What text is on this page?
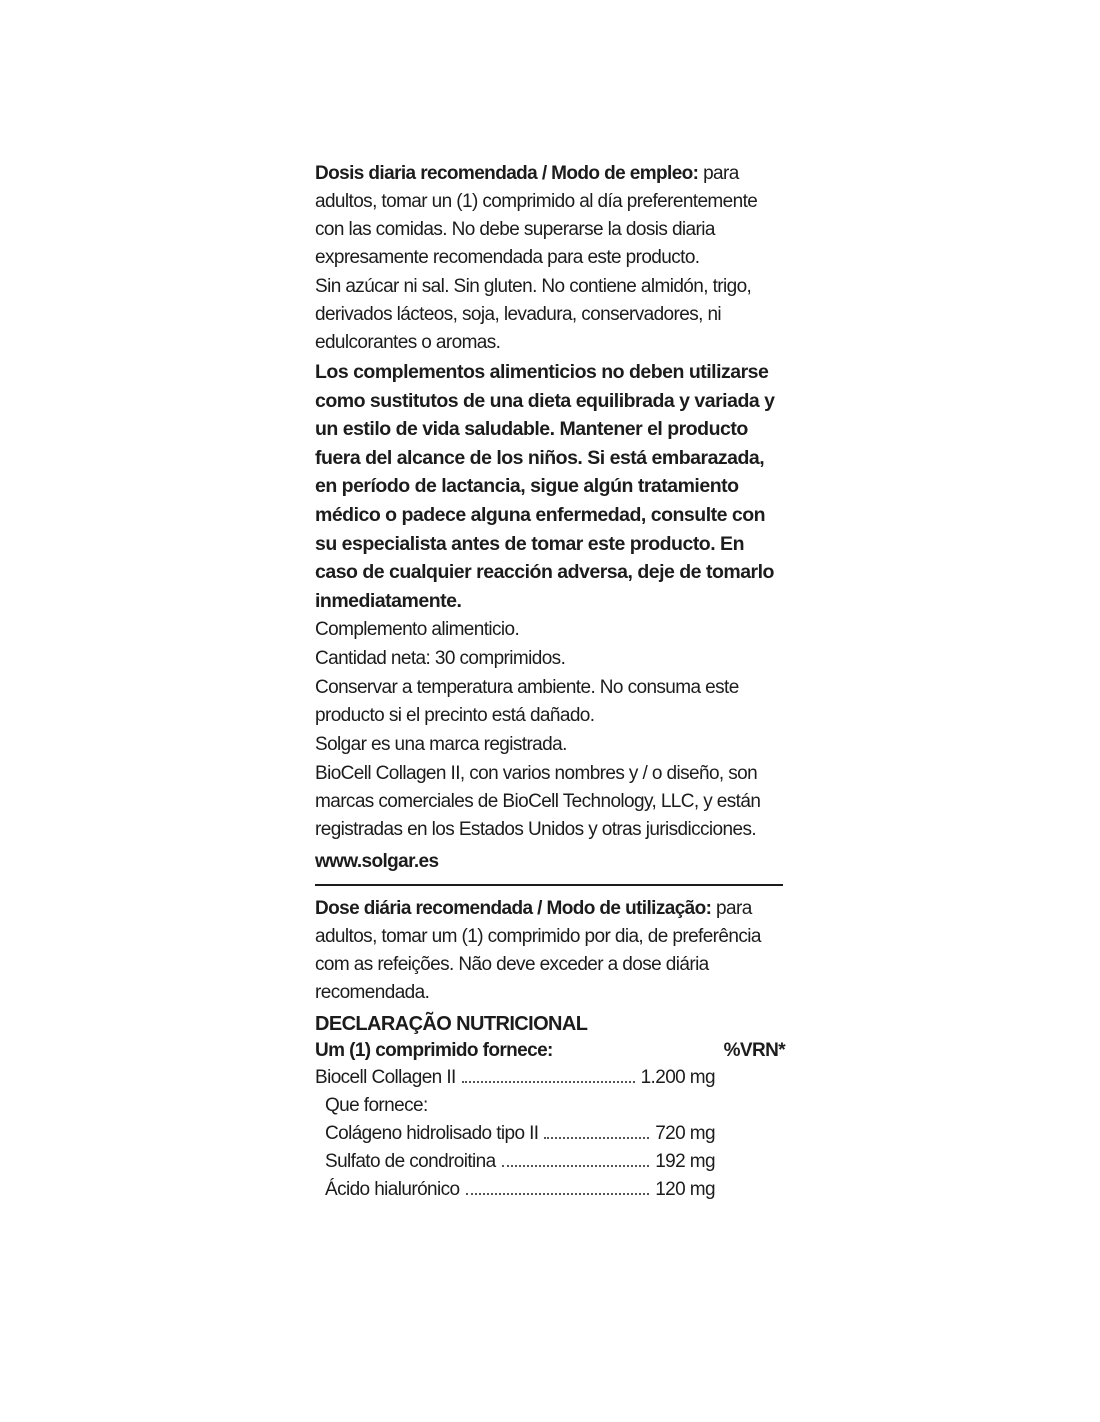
Dosis diaria recomendada / Modo de empleo: para adultos, tomar un (1) comprimido al día preferentemente con las comidas. No debe superarse la dosis diaria expresamente recomendada para este producto.

Sin azúcar ni sal. Sin gluten. No contiene almidón, trigo, derivados lácteos, soja, levadura, conservadores, ni edulcorantes o aromas.

Los complementos alimenticios no deben utilizarse como sustitutos de una dieta equilibrada y variada y un estilo de vida saludable. Mantener el producto fuera del alcance de los niños. Si está embarazada, en período de lactancia, sigue algún tratamiento médico o padece alguna enfermedad, consulte con su especialista antes de tomar este producto. En caso de cualquier reacción adversa, deje de tomarlo inmediatamente.

Complemento alimenticio.

Cantidad neta: 30 comprimidos.

Conservar a temperatura ambiente. No consuma este producto si el precinto está dañado.

Solgar es una marca registrada.

BioCell Collagen II, con varios nombres y / o diseño, son marcas comerciales de BioCell Technology, LLC, y están registradas en los Estados Unidos y otras jurisdicciones.

www.solgar.es

Dose diária recomendada / Modo de utilização: para adultos, tomar um (1) comprimido por dia, de preferência com as refeições. Não deve exceder a dose diária recomendada.

DECLARAÇÃO NUTRICIONAL
Um (1) comprimido fornece:	%VRN*
Biocell Collagen II	1.200 mg
Que fornece:
Colágeno hidrolisado tipo II	720 mg
Sulfato de condroitina	192 mg
Ácido hialurónico	120 mg
